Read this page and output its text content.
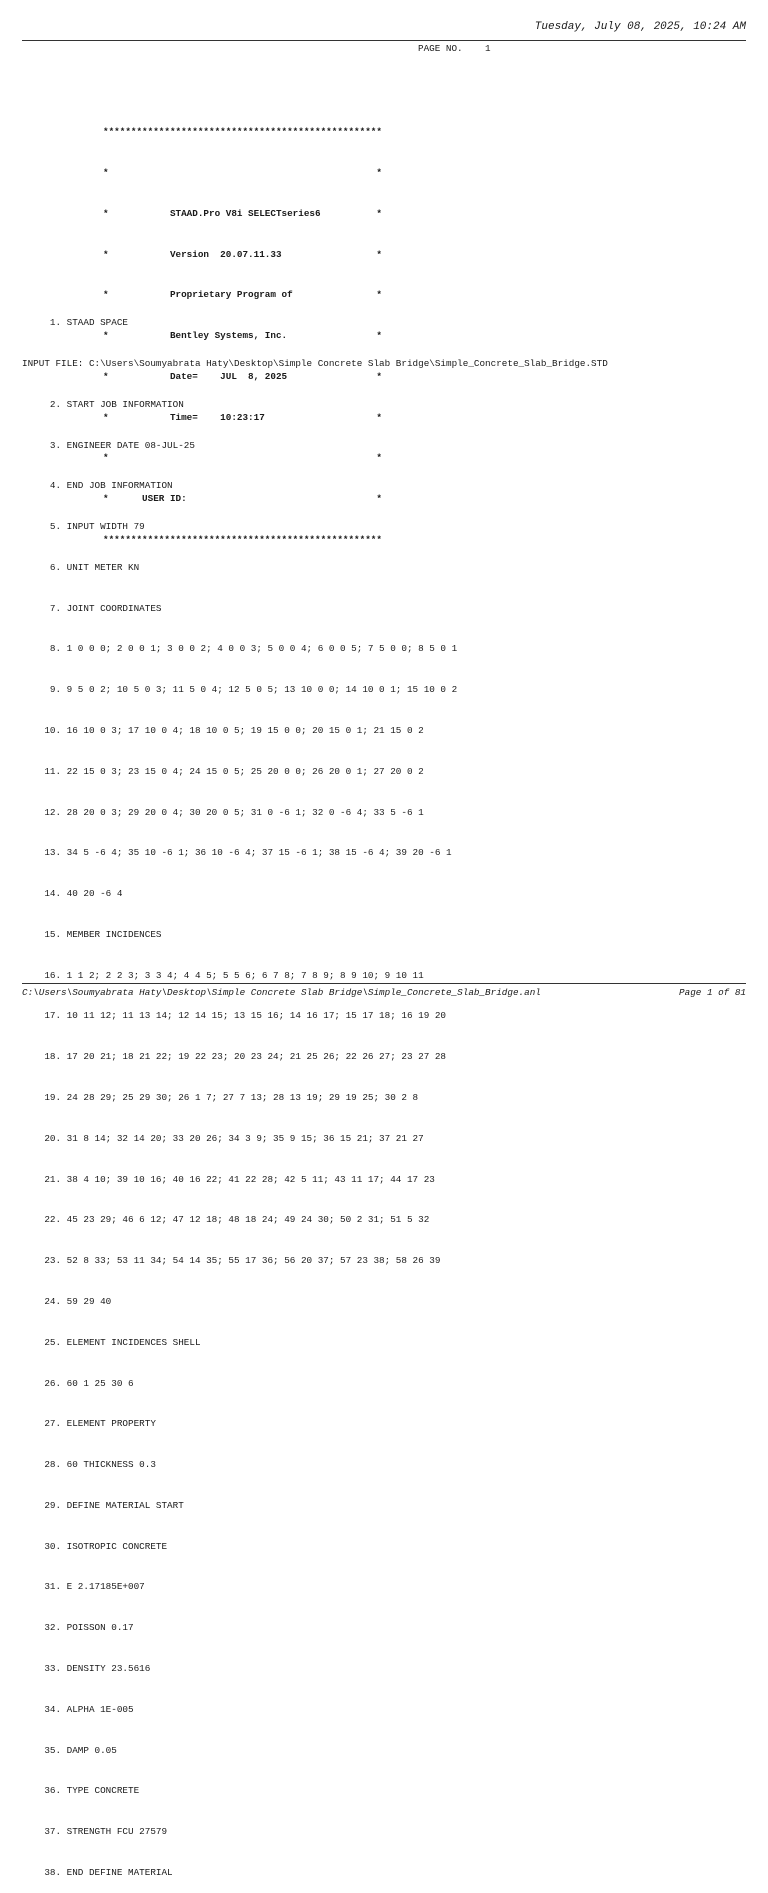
Tuesday, July 08, 2025, 10:24 AM
PAGE NO.    1

**************************************************

*                                                *

*           STAAD.Pro V8i SELECTseries6          *

*           Version  20.07.11.33                 *

*           Proprietary Program of               *

*           Bentley Systems, Inc.                *

*           Date=    JUL  8, 2025                *

*           Time=    10:23:17                    *

*                                                *

*      USER ID:                                  *

**************************************************

1. STAAD SPACE

INPUT FILE: C:\Users\Soumyabrata Haty\Desktop\Simple Concrete Slab Bridge\Simple_Concrete_Slab_Bridge.STD

2. START JOB INFORMATION

3. ENGINEER DATE 08-JUL-25

4. END JOB INFORMATION

5. INPUT WIDTH 79

6. UNIT METER KN

7. JOINT COORDINATES

8. 1 0 0 0; 2 0 0 1; 3 0 0 2; 4 0 0 3; 5 0 0 4; 6 0 0 5; 7 5 0 0; 8 5 0 1

9. 9 5 0 2; 10 5 0 3; 11 5 0 4; 12 5 0 5; 13 10 0 0; 14 10 0 1; 15 10 0 2

10. 16 10 0 3; 17 10 0 4; 18 10 0 5; 19 15 0 0; 20 15 0 1; 21 15 0 2

11. 22 15 0 3; 23 15 0 4; 24 15 0 5; 25 20 0 0; 26 20 0 1; 27 20 0 2

12. 28 20 0 3; 29 20 0 4; 30 20 0 5; 31 0 -6 1; 32 0 -6 4; 33 5 -6 1

13. 34 5 -6 4; 35 10 -6 1; 36 10 -6 4; 37 15 -6 1; 38 15 -6 4; 39 20 -6 1

14. 40 20 -6 4

15. MEMBER INCIDENCES

16. 1 1 2; 2 2 3; 3 3 4; 4 4 5; 5 5 6; 6 7 8; 7 8 9; 8 9 10; 9 10 11

17. 10 11 12; 11 13 14; 12 14 15; 13 15 16; 14 16 17; 15 17 18; 16 19 20

18. 17 20 21; 18 21 22; 19 22 23; 20 23 24; 21 25 26; 22 26 27; 23 27 28

19. 24 28 29; 25 29 30; 26 1 7; 27 7 13; 28 13 19; 29 19 25; 30 2 8

20. 31 8 14; 32 14 20; 33 20 26; 34 3 9; 35 9 15; 36 15 21; 37 21 27

21. 38 4 10; 39 10 16; 40 16 22; 41 22 28; 42 5 11; 43 11 17; 44 17 23

22. 45 23 29; 46 6 12; 47 12 18; 48 18 24; 49 24 30; 50 2 31; 51 5 32

23. 52 8 33; 53 11 34; 54 14 35; 55 17 36; 56 20 37; 57 23 38; 58 26 39

24. 59 29 40

25. ELEMENT INCIDENCES SHELL

26. 60 1 25 30 6

27. ELEMENT PROPERTY

28. 60 THICKNESS 0.3

29. DEFINE MATERIAL START

30. ISOTROPIC CONCRETE

31. E 2.17185E+007

32. POISSON 0.17

33. DENSITY 23.5616

34. ALPHA 1E-005

35. DAMP 0.05

36. TYPE CONCRETE

37. STRENGTH FCU 27579

38. END DEFINE MATERIAL

C:\Users\Soumyabrata Haty\Desktop\Simple Concrete Slab Bridge\Simple_Concrete_Slab_Bridge.anl	Page 1 of 81
